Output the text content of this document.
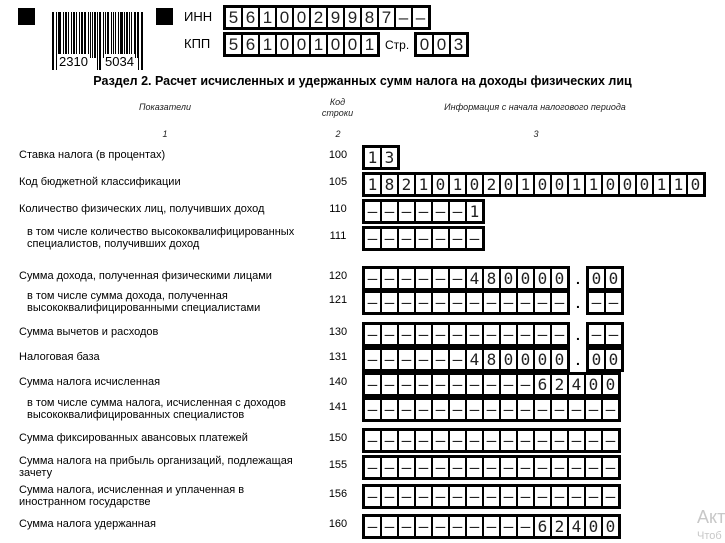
2310 5034
ИНН 5 6 1 0 0 2 9 9 8 7 – –
КПП 5 6 1 0 0 1 0 0 1 Стр. 0 0 3
Раздел 2. Расчет исчисленных и удержанных сумм налога на доходы физических лиц
Показатели	Код
строки
Информация с начала налогового периода
1	2	3
Ставка налога (в процентах)	100	1 3
Код бюджетной классификации	105	1 8 2 1 0 1 0 2 0 1 0 0 1 1 0 0 0 1 1 0
Количество физических лиц, получивших доход	110	– – – – – – 1
в том числе количество высококвалифицированных
специалистов, получивших доход
111	– – – – – – –
Сумма дохода, полученная физическими лицами	120	– – – – – – 4 8 0 0 0 0 . 0 0
в том числе сумма дохода, полученная
высококвалифицированными специалистами
121	– – – – – – – – – – – – . – –
Сумма вычетов и расходов	130	– – – – – – – – – – – – . – –
Налоговая база	131	– – – – – – 4 8 0 0 0 0 . 0 0
Сумма налога исчисленная	140	– – – – – – – – – – 6 2 4 0 0
в том числе сумма налога, исчисленная с доходов
высококвалифицированных специалистов
141	– – – – – – – – – – – – – – –
Сумма фиксированных авансовых платежей	150	– – – – – – – – – – – – – – –
Сумма налога на прибыль организаций, подлежащая
зачету
155	– – – – – – – – – – – – – – –
Сумма налога, исчисленная и уплаченная в
иностранном государстве
156	– – – – – – – – – – – – – – –
Сумма налога удержанная	160	– – – – – – – – – – 6 2 4 0 0	Акт
Чтоб
